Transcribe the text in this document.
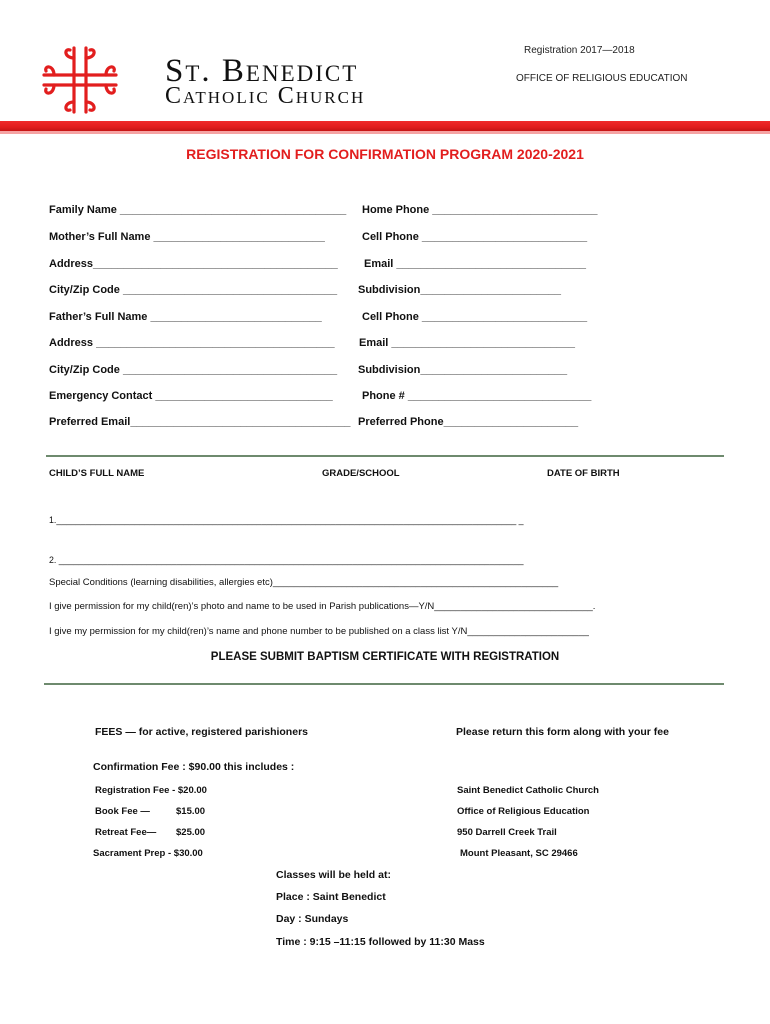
St. Benedict
Catholic Church
Registration 2017—2018
OFFICE OF RELIGIOUS EDUCATION
REGISTRATION FOR CONFIRMATION PROGRAM 2020-2021
Family Name _____________________________________ Home Phone ___________________________
Mother’s Full Name ____________________________	Cell Phone ___________________________
Address________________________________________ Email _______________________________
City/Zip Code ___________________________________ Subdivision_______________________
Father’s Full Name ____________________________	Cell Phone ___________________________
Address _______________________________________ Email ______________________________
City/Zip Code ___________________________________ Subdivision________________________
Emergency Contact _____________________________	Phone # ______________________________
Preferred Email____________________________________ Preferred Phone______________________
CHILD’S FULL NAME	GRADE/SCHOOL	DATE OF BIRTH
1.______________________________________________________________________________________________ _
2. _______________________________________________________________________________________________
Special Conditions (learning disabilities, allergies etc)______________________________________________________
I give permission for my child(ren)’s photo and name to be used in Parish publications—Y/N______________________________.
I give my permission for my child(ren)’s name and phone number to be published on a class list Y/N_______________________
PLEASE SUBMIT BAPTISM CERTIFICATE WITH REGISTRATION
FEES — for active, registered parishioners	Please return this form along with your fee
Confirmation Fee : $90.00 this includes :
Registration Fee - $20.00
Book Fee —	$15.00
Retreat Fee— $25.00
Sacrament Prep - $30.00
Saint Benedict Catholic Church
Office of Religious Education
950 Darrell Creek Trail
Mount Pleasant, SC 29466
Classes will be held at:
Place : Saint Benedict
Day : Sundays
Time : 9:15 –11:15 followed by 11:30 Mass
